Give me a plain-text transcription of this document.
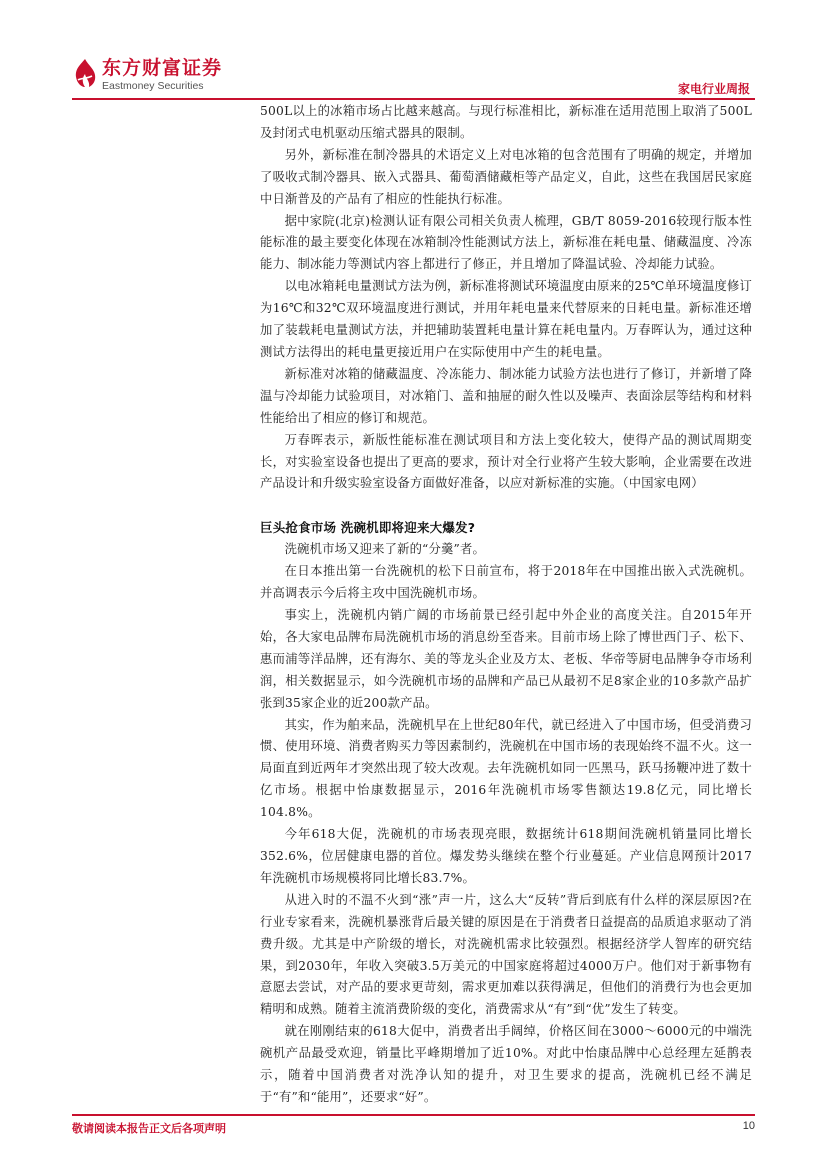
东方财富证券
Eastmoney Securities	家电行业周报

500L以上的冰箱市场占比越来越高。与现行标准相比，新标准在适用范围上取消了500L及封闭式电机驱动压缩式器具的限制。

另外，新标准在制冷器具的术语定义上对电冰箱的包含范围有了明确的规定，并增加了吸收式制冷器具、嵌入式器具、葡萄酒储藏柜等产品定义，自此，这些在我国居民家庭中日渐普及的产品有了相应的性能执行标准。

据中家院(北京)检测认证有限公司相关负责人梳理，GB/T 8059-2016较现行版本性能标准的最主要变化体现在冰箱制冷性能测试方法上，新标准在耗电量、储藏温度、冷冻能力、制冰能力等测试内容上都进行了修正，并且增加了降温试验、冷却能力试验。

以电冰箱耗电量测试方法为例，新标准将测试环境温度由原来的25℃单环境温度修订为16℃和32℃双环境温度进行测试，并用年耗电量来代替原来的日耗电量。新标准还增加了装载耗电量测试方法，并把辅助装置耗电量计算在耗电量内。万春晖认为，通过这种测试方法得出的耗电量更接近用户在实际使用中产生的耗电量。

新标准对冰箱的储藏温度、冷冻能力、制冰能力试验方法也进行了修订，并新增了降温与冷却能力试验项目，对冰箱门、盖和抽屉的耐久性以及噪声、表面涂层等结构和材料性能给出了相应的修订和规范。

万春晖表示，新版性能标准在测试项目和方法上变化较大，使得产品的测试周期变长，对实验室设备也提出了更高的要求，预计对全行业将产生较大影响，企业需要在改进产品设计和升级实验室设备方面做好准备，以应对新标准的实施。（中国家电网）

巨头抢食市场 洗碗机即将迎来大爆发?

洗碗机市场又迎来了新的“分羹”者。

在日本推出第一台洗碗机的松下日前宣布，将于2018年在中国推出嵌入式洗碗机。并高调表示今后将主攻中国洗碗机市场。

事实上，洗碗机内销广阔的市场前景已经引起中外企业的高度关注。自2015年开始，各大家电品牌布局洗碗机市场的消息纷至沓来。目前市场上除了博世西门子、松下、惠而浦等洋品牌，还有海尔、美的等龙头企业及方太、老板、华帝等厨电品牌争夺市场利润，相关数据显示，如今洗碗机市场的品牌和产品已从最初不足8家企业的10多款产品扩张到35家企业的近200款产品。

其实，作为舶来品，洗碗机早在上世纪80年代，就已经进入了中国市场，但受消费习惯、使用环境、消费者购买力等因素制约，洗碗机在中国市场的表现始终不温不火。这一局面直到近两年才突然出现了较大改观。去年洗碗机如同一匹黑马，跃马扬鞭冲进了数十亿市场。根据中怡康数据显示，2016年洗碗机市场零售额达19.8亿元，同比增长104.8%。

今年618大促，洗碗机的市场表现亮眼，数据统计618期间洗碗机销量同比增长352.6%，位居健康电器的首位。爆发势头继续在整个行业蔓延。产业信息网预计2017年洗碗机市场规模将同比增长83.7%。

从进入时的不温不火到“涨”声一片，这么大“反转”背后到底有什么样的深层原因?在行业专家看来，洗碗机暴涨背后最关键的原因是在于消费者日益提高的品质追求驱动了消费升级。尤其是中产阶级的增长，对洗碗机需求比较强烈。根据经济学人智库的研究结果，到2030年，年收入突破3.5万美元的中国家庭将超过4000万户。他们对于新事物有意愿去尝试，对产品的要求更苛刻，需求更加难以获得满足，但他们的消费行为也会更加精明和成熟。随着主流消费阶级的变化，消费需求从“有”到“优”发生了转变。

就在刚刚结束的618大促中，消费者出手阔绰，价格区间在3000～6000元的中端洗碗机产品最受欢迎，销量比平峰期增加了近10%。对此中怡康品牌中心总经理左延鹊表示，随着中国消费者对洗净认知的提升，对卫生要求的提高，洗碗机已经不满足于“有”和“能用”，还要求“好”。

敬请阅读本报告正文后各项声明	10
